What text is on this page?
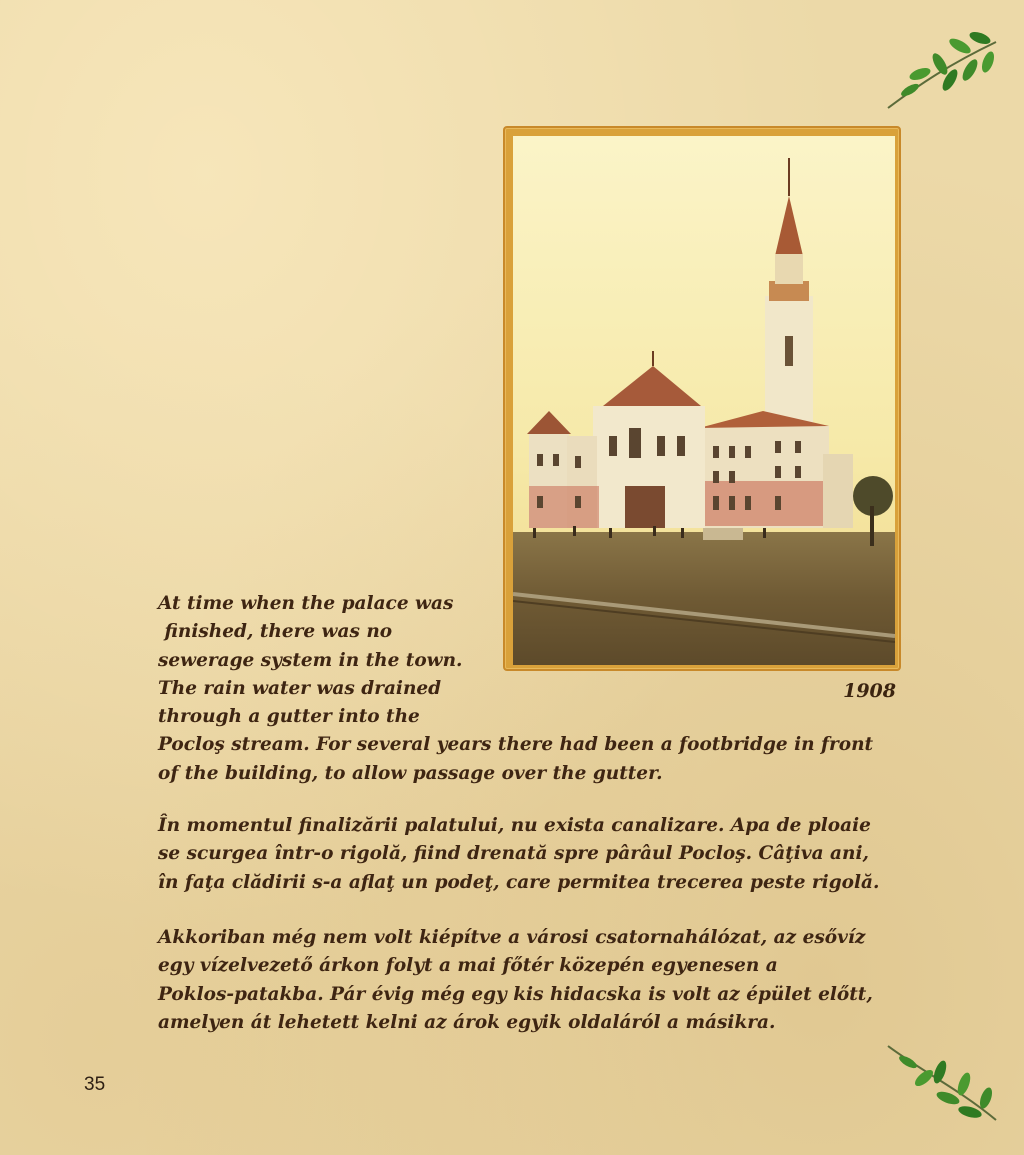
1908

At time when the palace was
finished, there was no
sewerage system in the town.
The rain water was drained
through a gutter into the
Pocloş stream. For several years there had been a footbridge in front
of the building, to allow passage over the gutter.

În momentul finalizării palatului, nu exista canalizare. Apa de ploaie
se scurgea într-o rigolă, fiind drenată spre pârâul Pocloş. Câţiva ani,
în faţa clădirii s-a aflaţ un podeţ, care permitea trecerea peste rigolă.

Akkoriban még nem volt kiépítve a városi csatornahálózat, az esővíz
egy vízelvezető árkon folyt a mai főtér közepén egyenesen a
Poklos-patakba. Pár évig még egy kis hidacska is volt az épület előtt,
amelyen át lehetett kelni az árok egyik oldaláról a másikra.

35
